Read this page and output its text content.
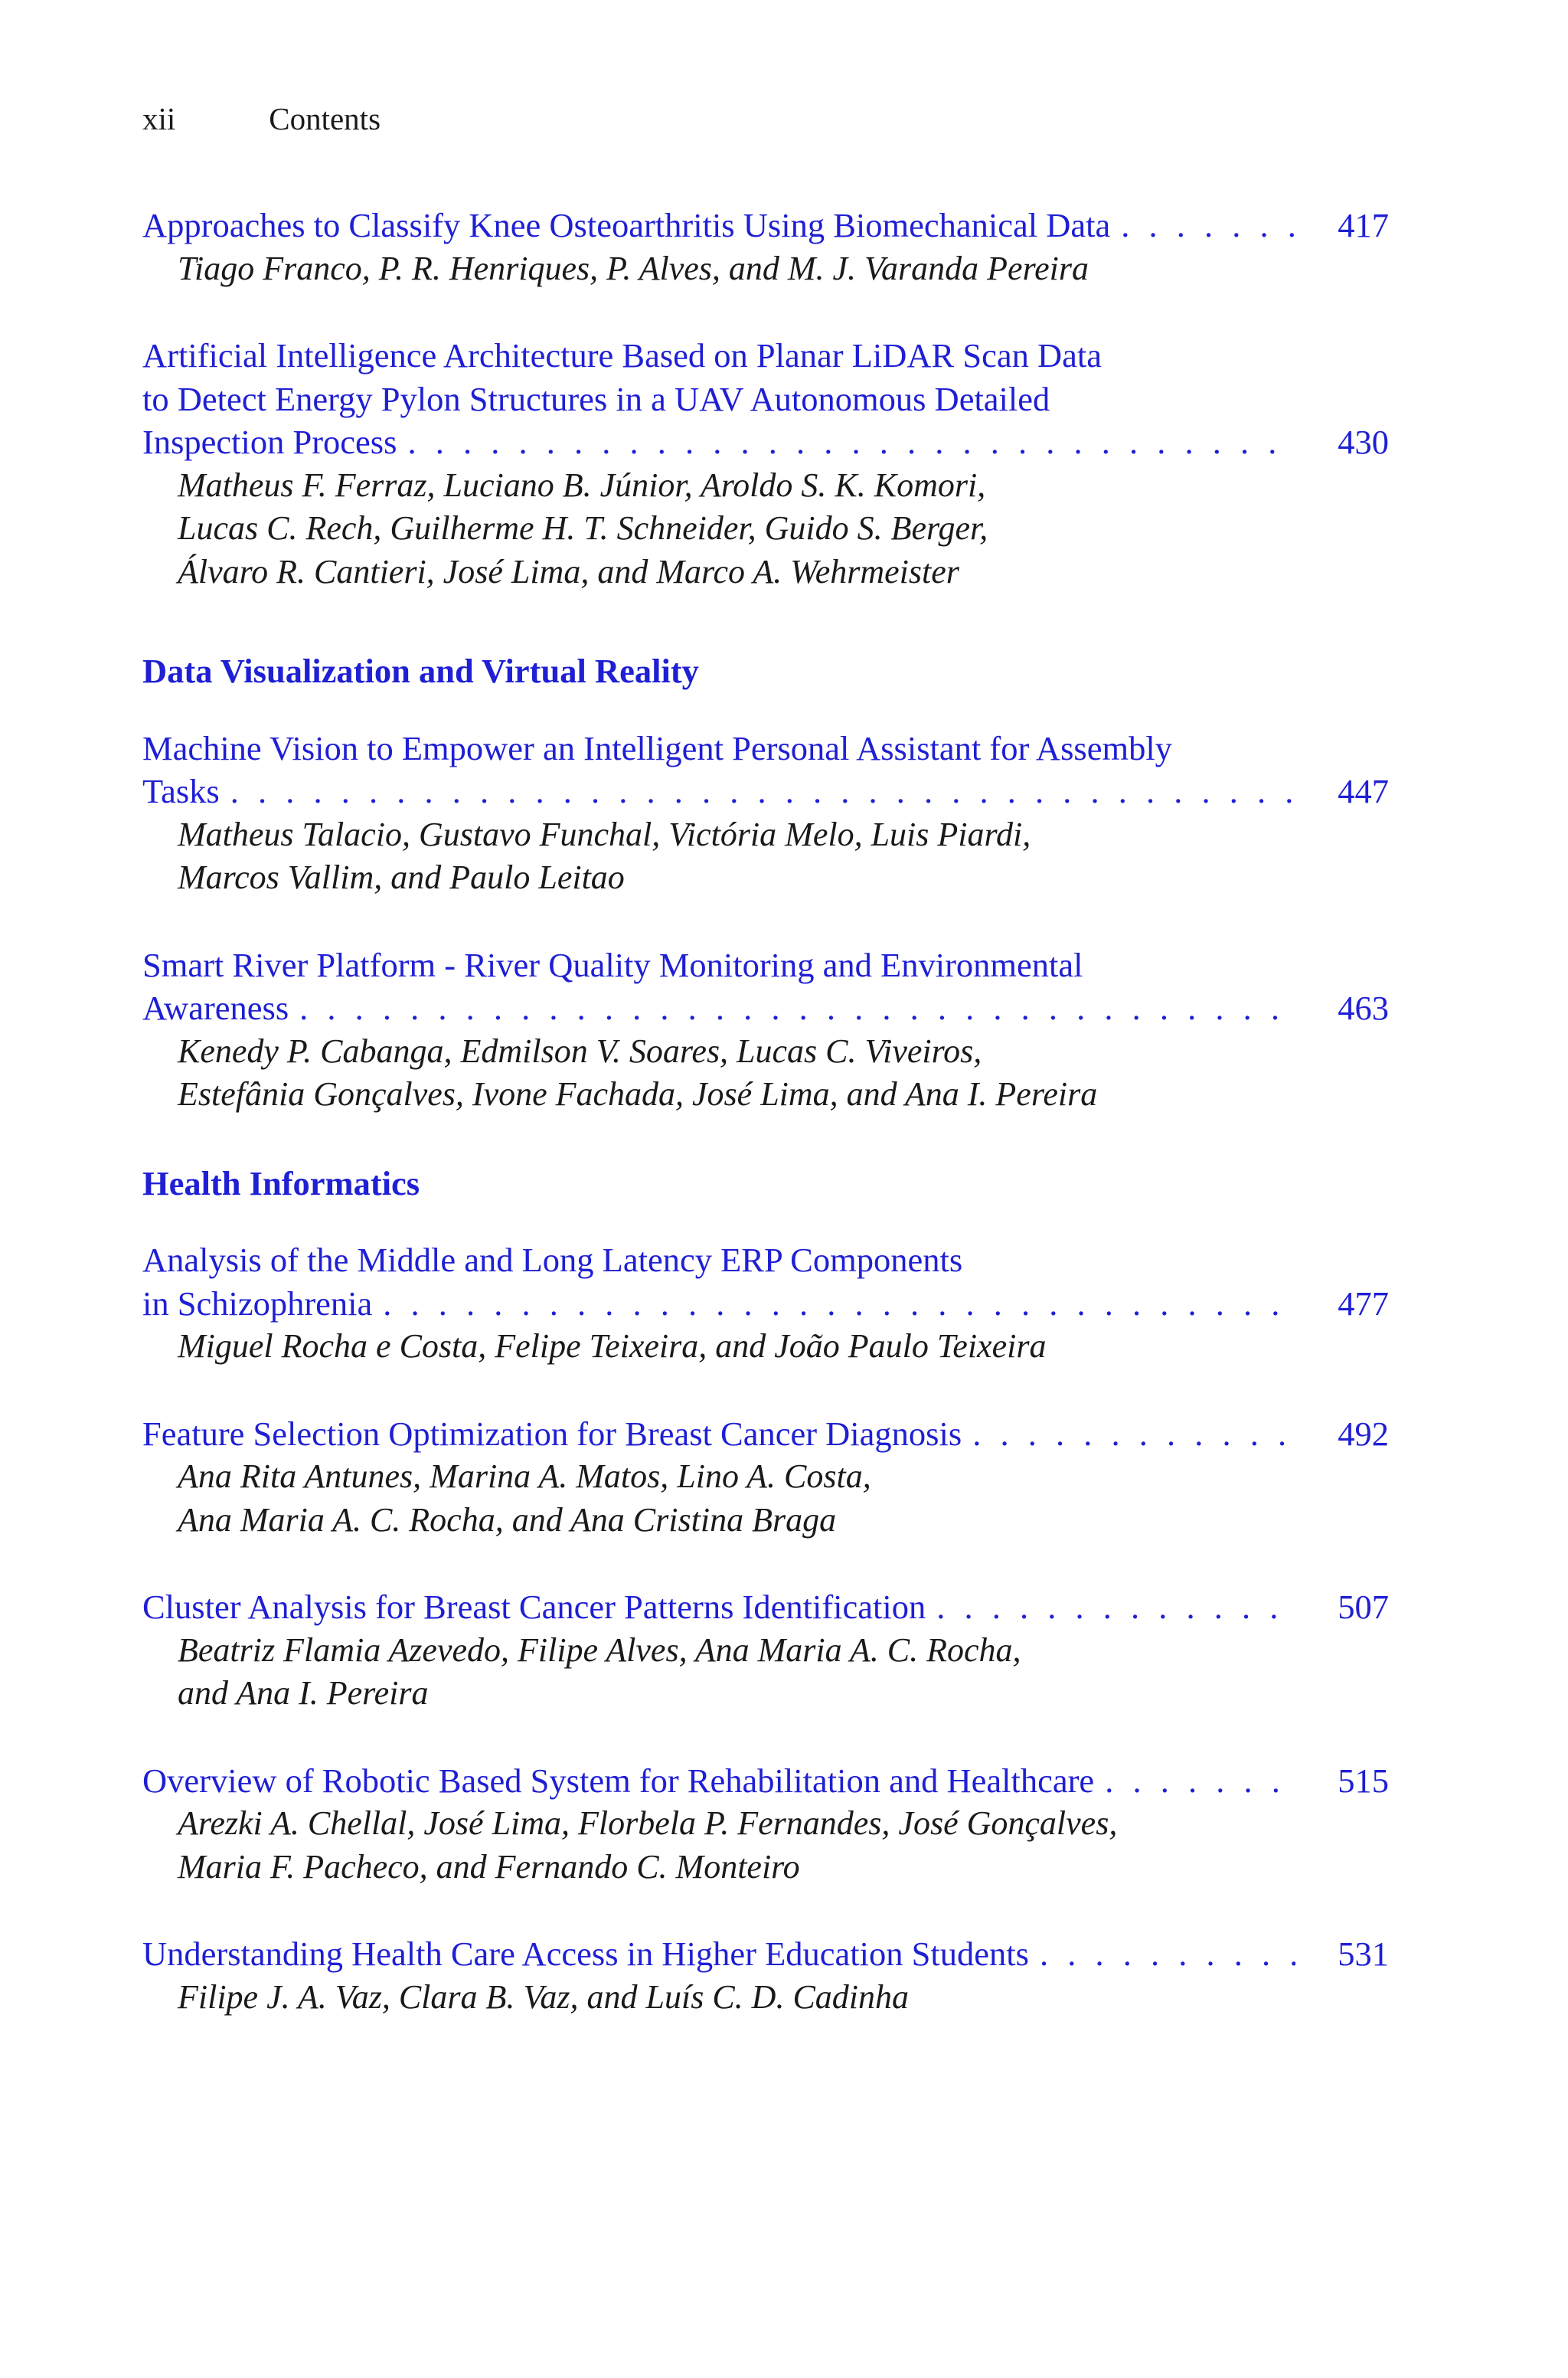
xii	Contents
Approaches to Classify Knee Osteoarthritis Using Biomechanical Data . . .	417
Tiago Franco, P. R. Henriques, P. Alves, and M. J. Varanda Pereira
Artificial Intelligence Architecture Based on Planar LiDAR Scan Data
to Detect Energy Pylon Structures in a UAV Autonomous Detailed
Inspection Process . . .	430
Matheus F. Ferraz, Luciano B. Júnior, Aroldo S. K. Komori,
Lucas C. Rech, Guilherme H. T. Schneider, Guido S. Berger,
Álvaro R. Cantieri, José Lima, and Marco A. Wehrmeister
Data Visualization and Virtual Reality
Machine Vision to Empower an Intelligent Personal Assistant for Assembly
Tasks . . .	447
Matheus Talacio, Gustavo Funchal, Victória Melo, Luis Piardi,
Marcos Vallim, and Paulo Leitao
Smart River Platform - River Quality Monitoring and Environmental
Awareness . . .	463
Kenedy P. Cabanga, Edmilson V. Soares, Lucas C. Viveiros,
Estefânia Gonçalves, Ivone Fachada, José Lima, and Ana I. Pereira
Health Informatics
Analysis of the Middle and Long Latency ERP Components
in Schizophrenia . . .	477
Miguel Rocha e Costa, Felipe Teixeira, and João Paulo Teixeira
Feature Selection Optimization for Breast Cancer Diagnosis . . .	492
Ana Rita Antunes, Marina A. Matos, Lino A. Costa,
Ana Maria A. C. Rocha, and Ana Cristina Braga
Cluster Analysis for Breast Cancer Patterns Identification . . .	507
Beatriz Flamia Azevedo, Filipe Alves, Ana Maria A. C. Rocha,
and Ana I. Pereira
Overview of Robotic Based System for Rehabilitation and Healthcare . . .	515
Arezki A. Chellal, José Lima, Florbela P. Fernandes, José Gonçalves,
Maria F. Pacheco, and Fernando C. Monteiro
Understanding Health Care Access in Higher Education Students . . .	531
Filipe J. A. Vaz, Clara B. Vaz, and Luís C. D. Cadinha
